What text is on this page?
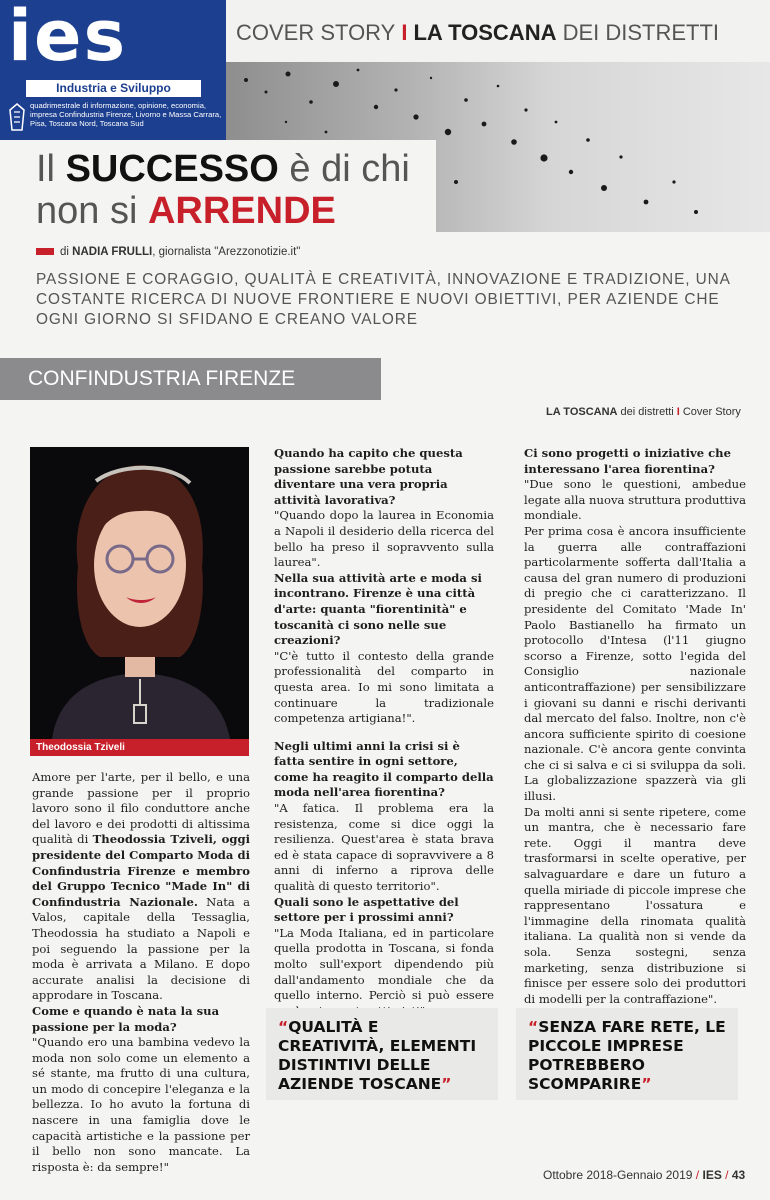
ies
Industria e Sviluppo
quadrimestrale di informazione, opinione, economia, impresa Confindustria Firenze, Livorno e Massa Carrara, Pisa, Toscana Nord, Toscana Sud
COVER STORY I LA TOSCANA DEI DISTRETTI
Il SUCCESSO è di chi
non si ARRENDE
di NADIA FRULLI, giornalista "Arezzonotizie.it"
PASSIONE E CORAGGIO, QUALITÀ E CREATIVITÀ, INNOVAZIONE E TRADIZIONE, UNA COSTANTE RICERCA DI NUOVE FRONTIERE E NUOVI OBIETTIVI, PER AZIENDE CHE OGNI GIORNO SI SFIDANO E CREANO VALORE
CONFINDUSTRIA FIRENZE
LA TOSCANA dei distretti I Cover Story
Theodossia Tziveli

Amore per l'arte, per il bello, e una grande passione per il proprio lavoro sono il filo conduttore anche del lavoro e dei prodotti di altissima qualità di Theodossia Tziveli, oggi presidente del Comparto Moda di Confindustria Firenze e membro del Gruppo Tecnico "Made In" di Confindustria Nazionale. Nata a Valos, capitale della Tessaglia, Theodossia ha studiato a Napoli e poi seguendo la passione per la moda è arrivata a Milano. E dopo accurate analisi la decisione di approdare in Toscana.

Come e quando è nata la sua passione per la moda?

"Quando ero una bambina vedevo la moda non solo come un elemento a sé stante, ma frutto di una cultura, un modo di concepire l'eleganza e la bellezza. Io ho avuto la fortuna di nascere in una famiglia dove le capacità artistiche e la passione per il bello non sono mancate. La risposta è: da sempre!"

Quando ha capito che questa passione sarebbe potuta diventare una vera propria attività lavorativa?

"Quando dopo la laurea in Economia a Napoli il desiderio della ricerca del bello ha preso il sopravvento sulla laurea".

Nella sua attività arte e moda si incontrano. Firenze è una città d'arte: quanta "fiorentinità" e toscanità ci sono nelle sue creazioni?

"C'è tutto il contesto della grande professionalità del comparto in questa area. Io mi sono limitata a continuare la tradizionale competenza artigiana!".

Negli ultimi anni la crisi si è fatta sentire in ogni settore, come ha reagito il comparto della moda nell'area fiorentina?

"A fatica. Il problema era la resistenza, come si dice oggi la resilienza. Quest'area è stata brava ed è stata capace di sopravvivere a 8 anni di inferno a riprova delle qualità di questo territorio".

Quali sono le aspettative del settore per i prossimi anni?

"La Moda Italiana, ed in particolare quella prodotta in Toscana, si fonda molto sull'export dipendendo più dall'andamento mondiale che da quello interno. Perciò si può essere

Ci sono progetti o iniziative che interessano l'area fiorentina?

"Due sono le questioni, ambedue legate alla nuova struttura produttiva mondiale.

Per prima cosa è ancora insufficiente la guerra alle contraffazioni particolarmente sofferta dall'Italia a causa del gran numero di produzioni di pregio che ci caratterizzano. Il presidente del Comitato 'Made In' Paolo Bastianello ha firmato un protocollo d'Intesa (l'11 giugno scorso a Firenze, sotto l'egida del Consiglio nazionale anticontraffazione) per sensibilizzare i giovani su danni e rischi derivanti dal mercato del falso. Inoltre, non c'è ancora sufficiente spirito di coesione nazionale. C'è ancora gente convinta che ci si salva e ci si sviluppa da soli. La globalizzazione spazzerà via gli illusi.

Da molti anni si sente ripetere, come un mantra, che è necessario fare rete. Oggi il mantra deve trasformarsi in scelte operative, per salvaguardare e dare un futuro a quella miriade di piccole imprese che rappresentano l'ossatura e l'immagine della rinomata qualità italiana. La qualità non si vende da sola. Senza sostegni, senza marketing, senza distribuzione si finisce per essere solo dei produttori di modelli per la contraffazione".

“QUALITÀ E CREATIVITÀ, ELEMENTI DISTINTIVI DELLE AZIENDE TOSCANE”
“SENZA FARE RETE, LE PICCOLE IMPRESE POTREBBERO SCOMPARIRE”
Ottobre 2018-Gennaio 2019 / IES / 43
